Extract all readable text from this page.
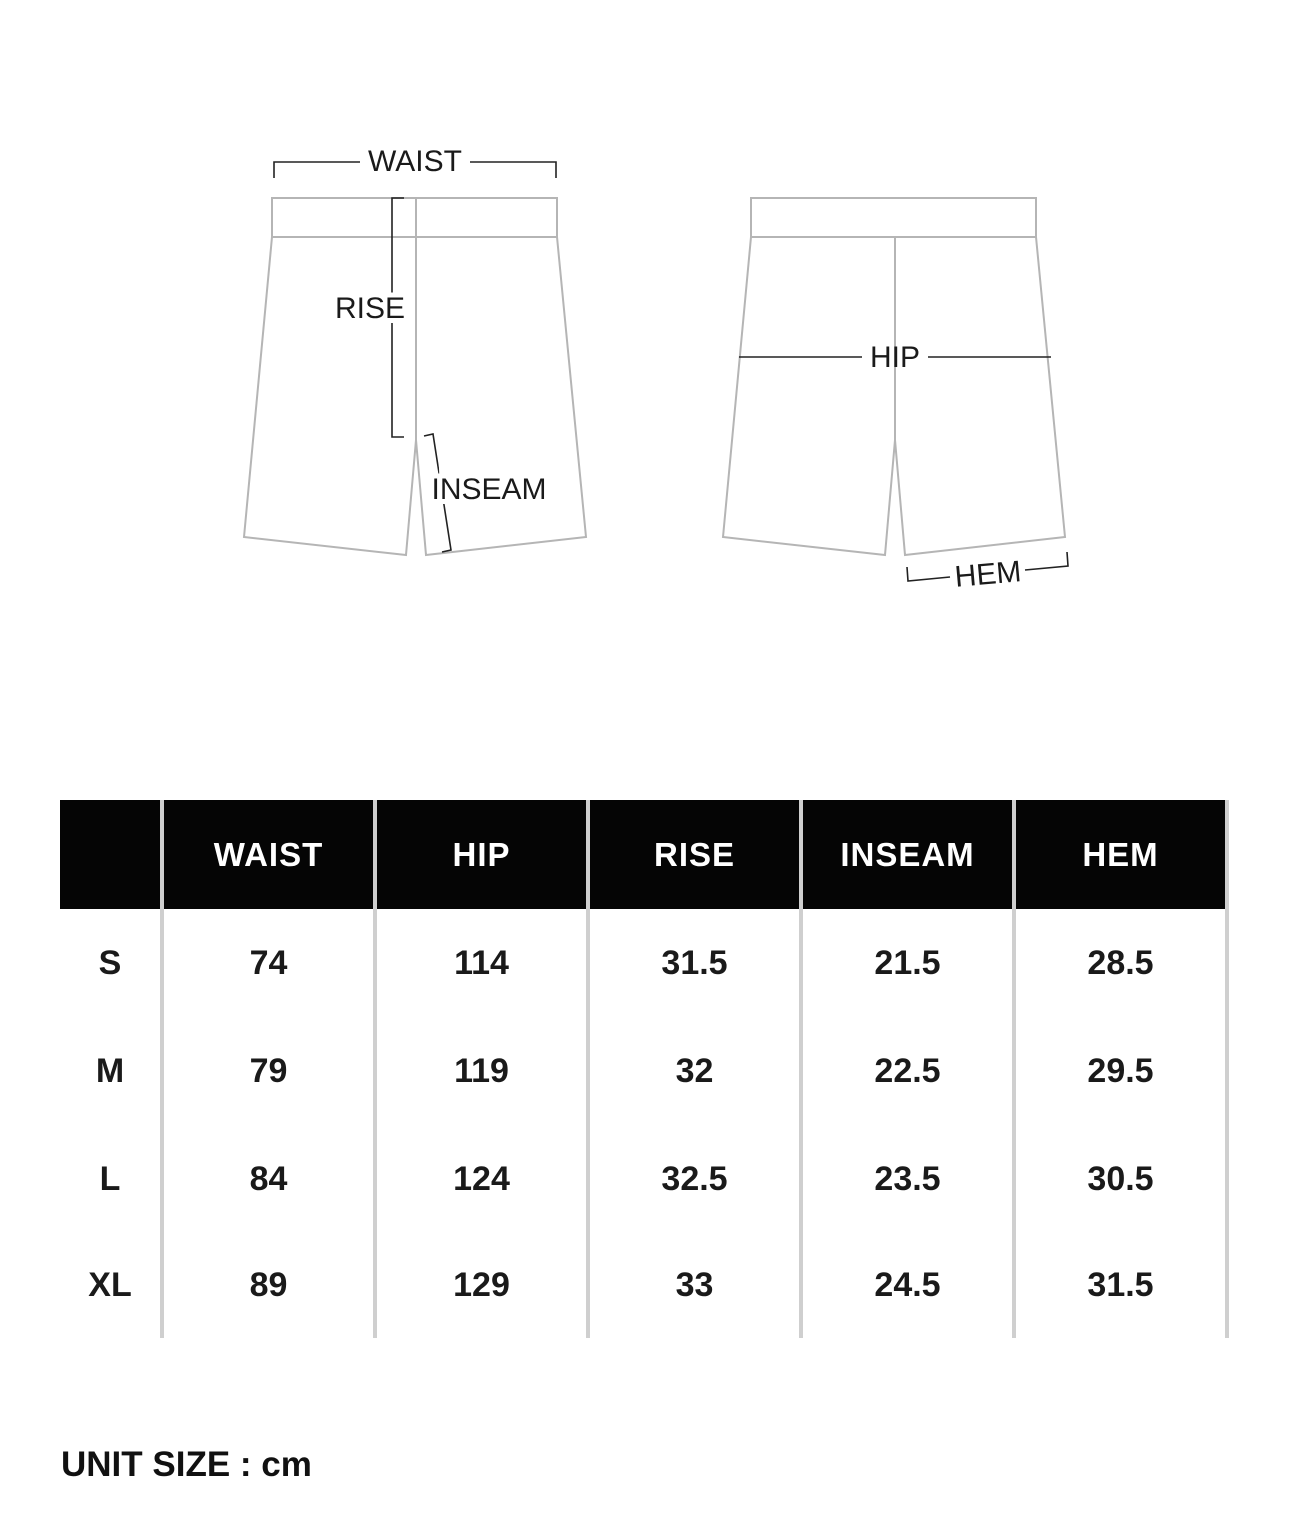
WAIST
RISE
INSEAM
HIP
HEM
	WAIST	HIP	RISE	INSEAM	HEM
S	74	114	31.5	21.5	28.5
M	79	119	32	22.5	29.5
L	84	124	32.5	23.5	30.5
XL	89	129	33	24.5	31.5

UNIT SIZE : cm
